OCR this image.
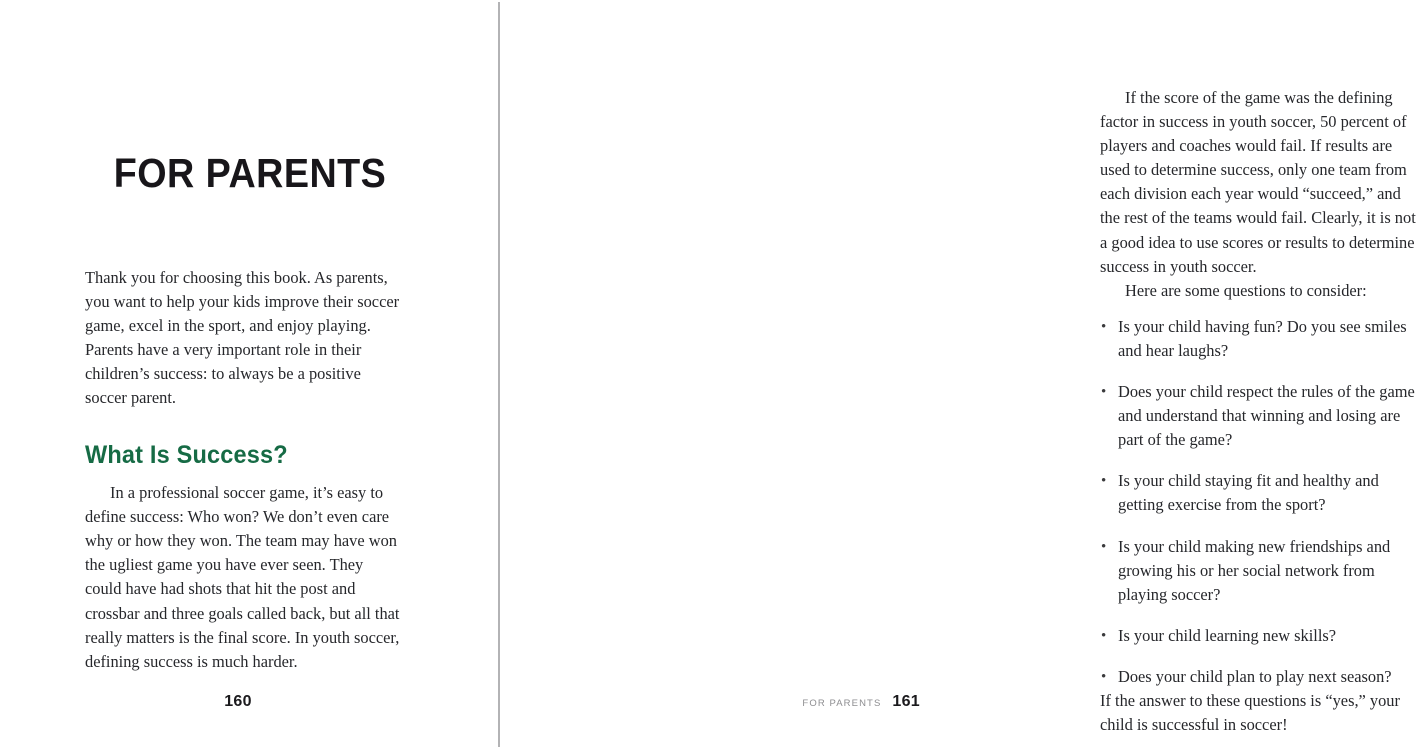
FOR PARENTS

Thank you for choosing this book. As parents, you want to help your kids improve their soccer game, excel in the sport, and enjoy playing. Parents have a very important role in their children’s success: to always be a positive soccer parent.

What Is Success?

In a professional soccer game, it’s easy to define success: Who won? We don’t even care why or how they won. The team may have won the ugliest game you have ever seen. They could have had shots that hit the post and crossbar and three goals called back, but all that really matters is the final score. In youth soccer, defining success is much harder.

160

If the score of the game was the defining factor in success in youth soccer, 50 percent of players and coaches would fail. If results are used to determine success, only one team from each division each year would “succeed,” and the rest of the teams would fail. Clearly, it is not a good idea to use scores or results to determine success in youth soccer.

Here are some questions to consider:

• Is your child having fun? Do you see smiles and hear laughs?
• Does your child respect the rules of the game and understand that winning and losing are part of the game?
• Is your child staying fit and healthy and getting exercise from the sport?
• Is your child making new friendships and growing his or her social network from playing soccer?
• Is your child learning new skills?
• Does your child plan to play next season?

If the answer to these questions is “yes,” your child is successful in soccer!

FOR PARENTS 161
